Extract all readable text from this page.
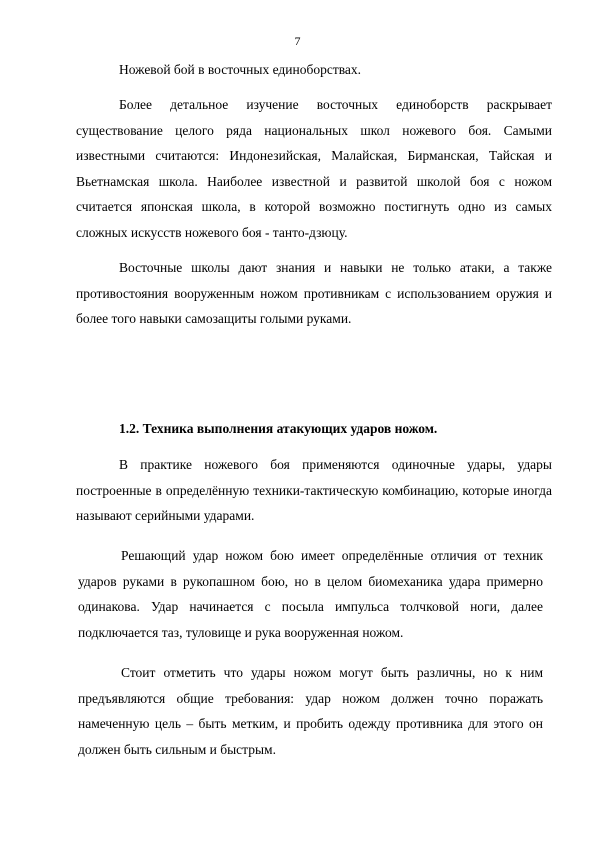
7

Ножевой бой в восточных единоборствах.

Более детальное изучение восточных единоборств раскрывает существование целого ряда национальных школ ножевого боя. Самыми известными считаются: Индонезийская, Малайская, Бирманская, Тайская и Вьетнамская школа. Наиболее известной и развитой школой боя с ножом считается японская школа, в которой возможно постигнуть одно из самых сложных искусств ножевого боя - танто-дзюцу.

Восточные школы дают знания и навыки не только атаки, а также противостояния вооруженным ножом противникам с использованием оружия и более того навыки самозащиты голыми руками.

1.2. Техника выполнения атакующих ударов ножом.

В практике ножевого боя применяются одиночные удары, удары построенные в определённую техники-тактическую комбинацию, которые иногда называют серийными ударами.

Решающий удар ножом бою имеет определённые отличия от техник ударов руками в рукопашном бою, но в целом биомеханика удара примерно одинакова. Удар начинается с посыла импульса толчковой ноги, далее подключается таз, туловище и рука вооруженная ножом.

Стоит отметить что удары ножом могут быть различны, но к ним предъявляются общие требования: удар ножом должен точно поражать намеченную цель – быть метким, и пробить одежду противника для этого он должен быть сильным и быстрым.
